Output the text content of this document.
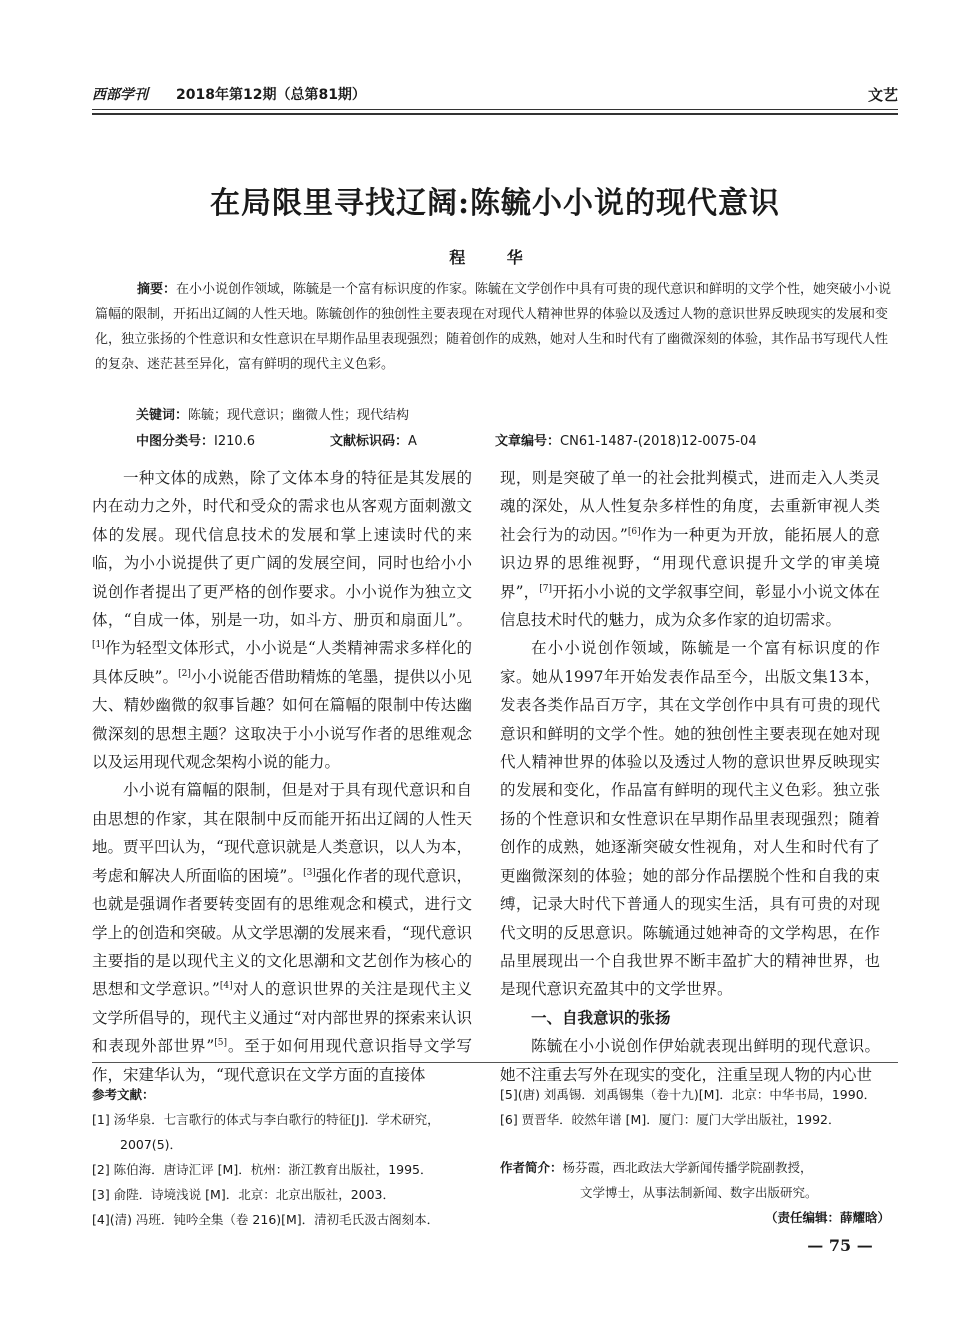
西部学刊 2018年第12期（总第81期）	文艺
在局限里寻找辽阔:陈毓小小说的现代意识
程 华

摘要：在小小说创作领域，陈毓是一个富有标识度的作家。陈毓在文学创作中具有可贵的现代意识和鲜明的文学个性，她突破小小说篇幅的限制，开拓出辽阔的人性天地。陈毓创作的独创性主要表现在对现代人精神世界的体验以及透过人物的意识世界反映现实的发展和变化，独立张扬的个性意识和女性意识在早期作品里表现强烈；随着创作的成熟，她对人生和时代有了幽微深刻的体验，其作品书写现代人性的复杂、迷茫甚至异化，富有鲜明的现代主义色彩。

关键词：陈毓；现代意识；幽微人性；现代结构
中图分类号：I210.6	文献标识码：A	文章编号：CN61-1487-(2018)12-0075-04

一种文体的成熟，除了文体本身的特征是其发展的内在动力之外，时代和受众的需求也从客观方面刺激文体的发展。现代信息技术的发展和掌上速读时代的来临，为小小说提供了更广阔的发展空间，同时也给小小说创作者提出了更严格的创作要求。小小说作为独立文体，“自成一体，别是一功，如斗方、册页和扇面儿”。[1]作为轻型文体形式，小小说是“人类精神需求多样化的具体反映”。[2]小小说能否借助精炼的笔墨，提供以小见大、精妙幽微的叙事旨趣？如何在篇幅的限制中传达幽微深刻的思想主题？这取决于小小说写作者的思维观念以及运用现代观念架构小说的能力。

小小说有篇幅的限制，但是对于具有现代意识和自由思想的作家，其在限制中反而能开拓出辽阔的人性天地。贾平凹认为，“现代意识就是人类意识，以人为本，考虑和解决人所面临的困境”。[3]强化作者的现代意识，也就是强调作者要转变固有的思维观念和模式，进行文学上的创造和突破。从文学思潮的发展来看，“现代意识主要指的是以现代主义的文化思潮和文艺创作为核心的思想和文学意识。”[4]对人的意识世界的关注是现代主义文学所倡导的，现代主义通过“对内部世界的探索来认识和表现外部世界”[5]。至于如何用现代意识指导文学写作，宋建华认为，“现代意识在文学方面的直接体

现，则是突破了单一的社会批判模式，进而走入人类灵魂的深处，从人性复杂多样性的角度，去重新审视人类社会行为的动因。”[6]作为一种更为开放，能拓展人的意识边界的思维视野，“用现代意识提升文学的审美境界”，[7]开拓小小说的文学叙事空间，彰显小小说文体在信息技术时代的魅力，成为众多作家的迫切需求。

在小小说创作领域，陈毓是一个富有标识度的作家。她从1997年开始发表作品至今，出版文集13本，发表各类作品百万字，其在文学创作中具有可贵的现代意识和鲜明的文学个性。她的独创性主要表现在她对现代人精神世界的体验以及透过人物的意识世界反映现实的发展和变化，作品富有鲜明的现代主义色彩。独立张扬的个性意识和女性意识在早期作品里表现强烈；随着创作的成熟，她逐渐突破女性视角，对人生和时代有了更幽微深刻的体验；她的部分作品摆脱个性和自我的束缚，记录大时代下普通人的现实生活，具有可贵的对现代文明的反思意识。陈毓通过她神奇的文学构思，在作品里展现出一个自我世界不断丰盈扩大的精神世界，也是现代意识充盈其中的文学世界。

一、自我意识的张扬

陈毓在小小说创作伊始就表现出鲜明的现代意识。她不注重去写外在现实的变化，注重呈现人物的内心世

参考文献：
[1] 汤华泉．七言歌行的体式与李白歌行的特征[J]．学术研究，2007(5)．
[2] 陈伯海．唐诗汇评 [M]．杭州：浙江教育出版社，1995．
[3] 俞陛．诗境浅说 [M]．北京：北京出版社，2003．
[4](清) 冯班．钝吟全集（卷 216)[M]．清初毛氏汲古阁刻本．
[5](唐) 刘禹锡．刘禹锡集（卷十九)[M]．北京：中华书局，1990．
[6] 贾晋华．皎然年谱 [M]．厦门：厦门大学出版社，1992．
作者简介：杨芬霞，西北政法大学新闻传播学院副教授，
文学博士，从事法制新闻、数字出版研究。
（责任编辑：薛耀晗）
— 75 —
